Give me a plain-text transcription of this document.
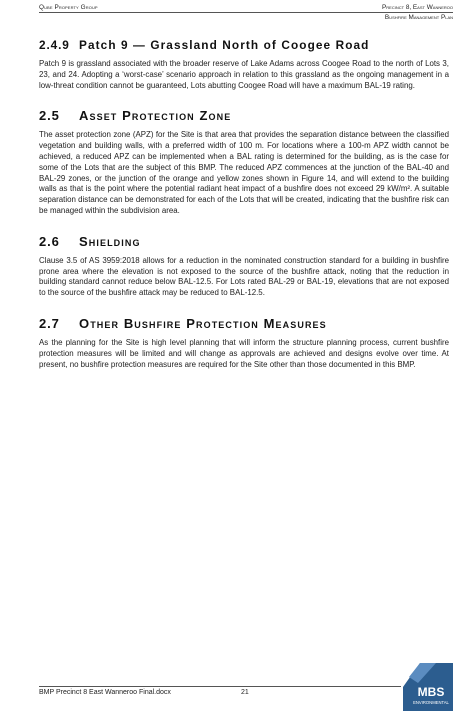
Qube Property Group	Precinct 8, East Wanneroo
Bushfire Management Plan
2.4.9 Patch 9 — Grassland North of Coogee Road

Patch 9 is grassland associated with the broader reserve of Lake Adams across Coogee Road to the north of Lots 3, 23, and 24. Adopting a ‘worst-case’ scenario approach in relation to this grassland as the ongoing management in a low-threat condition cannot be guaranteed, Lots abutting Coogee Road will have a maximum BAL-19 rating.

2.5 Asset Protection Zone

The asset protection zone (APZ) for the Site is that area that provides the separation distance between the classified vegetation and building walls, with a preferred width of 100 m. For locations where a 100-m APZ width cannot be achieved, a reduced APZ can be implemented when a BAL rating is determined for the building, as is the case for some of the Lots that are the subject of this BMP. The reduced APZ commences at the junction of the BAL-40 and BAL-29 zones, or the junction of the orange and yellow zones shown in Figure 14, and will extend to the building walls as that is the point where the potential radiant heat impact of a bushfire does not exceed 29 kW/m². A suitable separation distance can be demonstrated for each of the Lots that will be created, indicating that the bushfire risk can be managed within the subdivision area.

2.6 Shielding

Clause 3.5 of AS 3959:2018 allows for a reduction in the nominated construction standard for a building in bushfire prone area where the elevation is not exposed to the source of the bushfire attack, noting that the reduction in building standard cannot reduce below BAL-12.5. For Lots rated BAL-29 or BAL-19, elevations that are not exposed to the source of the bushfire attack may be reduced to BAL-12.5.

2.7 Other Bushfire Protection Measures

As the planning for the Site is high level planning that will inform the structure planning process, current bushfire protection measures will be limited and will change as approvals are achieved and designs evolve over time. At present, no bushfire protection measures are required for the Site other than those documented in this BMP.

BMP Precinct 8 East Wanneroo Final.docx	21	MBS
ENVIRONMENTAL
